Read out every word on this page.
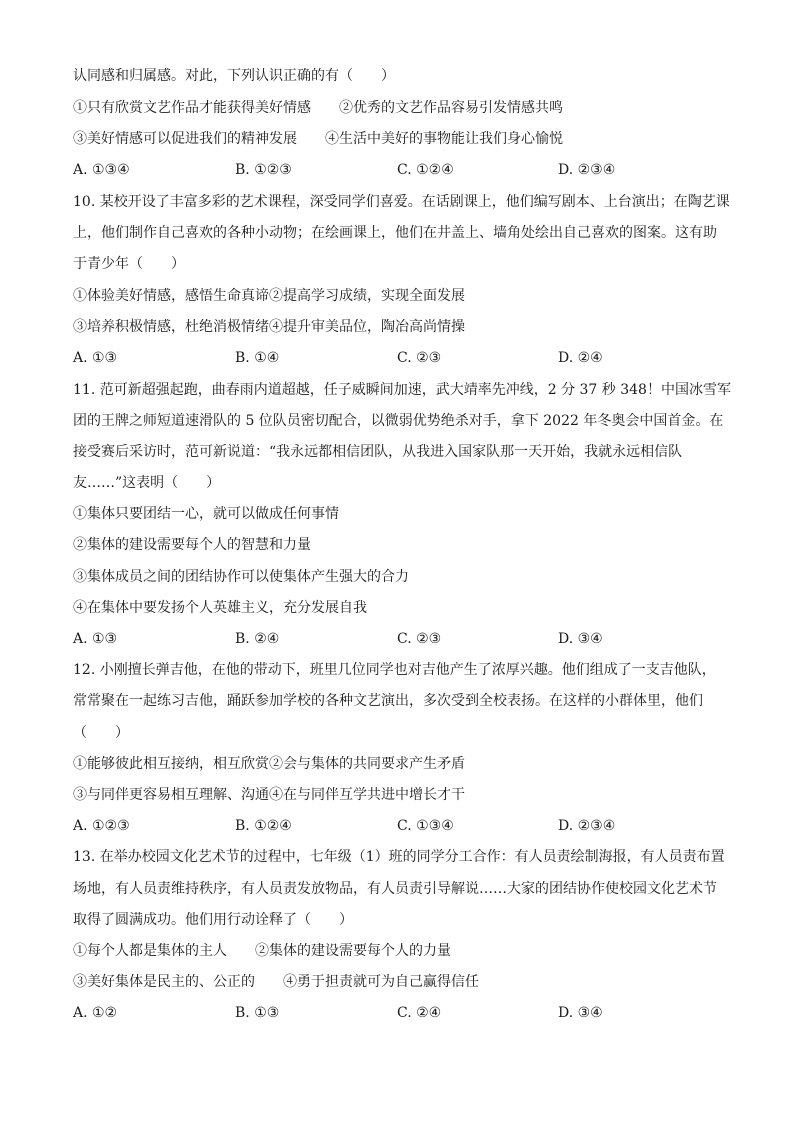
认同感和归属感。对此，下列认识正确的有（　　）
①只有欣赏文艺作品才能获得美好情感 ②优秀的文艺作品容易引发情感共鸣
③美好情感可以促进我们的精神发展 ④生活中美好的事物能让我们身心愉悦
A. ①③④	B. ①②③	C. ①②④	D. ②③④
10. 某校开设了丰富多彩的艺术课程，深受同学们喜爱。在话剧课上，他们编写剧本、上台演出；在陶艺课
上，他们制作自己喜欢的各种小动物；在绘画课上，他们在井盖上、墙角处绘出自己喜欢的图案。这有助
于青少年（　　）
①体验美好情感，感悟生命真谛②提高学习成绩，实现全面发展
③培养积极情感，杜绝消极情绪④提升审美品位，陶冶高尚情操
A. ①③	B. ①④	C. ②③	D. ②④
11. 范可新超强起跑，曲春雨内道超越，任子威瞬间加速，武大靖率先冲线，2 分 37 秒 348！中国冰雪军
团的王牌之师短道速滑队的 5 位队员密切配合，以微弱优势绝杀对手，拿下 2022 年冬奥会中国首金。在
接受赛后采访时，范可新说道：“我永远都相信团队，从我进入国家队那一天开始，我就永远相信队
友……”这表明（　　）
①集体只要团结一心，就可以做成任何事情
②集体的建设需要每个人的智慧和力量
③集体成员之间的团结协作可以使集体产生强大的合力
④在集体中要发扬个人英雄主义，充分发展自我
A. ①③	B. ②④	C. ②③	D. ③④
12. 小刚擅长弹吉他，在他的带动下，班里几位同学也对吉他产生了浓厚兴趣。他们组成了一支吉他队，
常常聚在一起练习吉他，踊跃参加学校的各种文艺演出，多次受到全校表扬。在这样的小群体里，他们
（　　）
①能够彼此相互接纳，相互欣赏②会与集体的共同要求产生矛盾
③与同伴更容易相互理解、沟通④在与同伴互学共进中增长才干
A. ①②③	B. ①②④	C. ①③④	D. ②③④
13. 在举办校园文化艺术节的过程中，七年级（1）班的同学分工合作：有人员责绘制海报，有人员责布置
场地，有人员责维持秩序，有人员责发放物品，有人员责引导解说……大家的团结协作使校园文化艺术节
取得了圆满成功。他们用行动诠释了（　　）
①每个人都是集体的主人 ②集体的建设需要每个人的力量
③美好集体是民主的、公正的 ④勇于担责就可为自己赢得信任
A. ①②	B. ①③	C. ②④	D. ③④
